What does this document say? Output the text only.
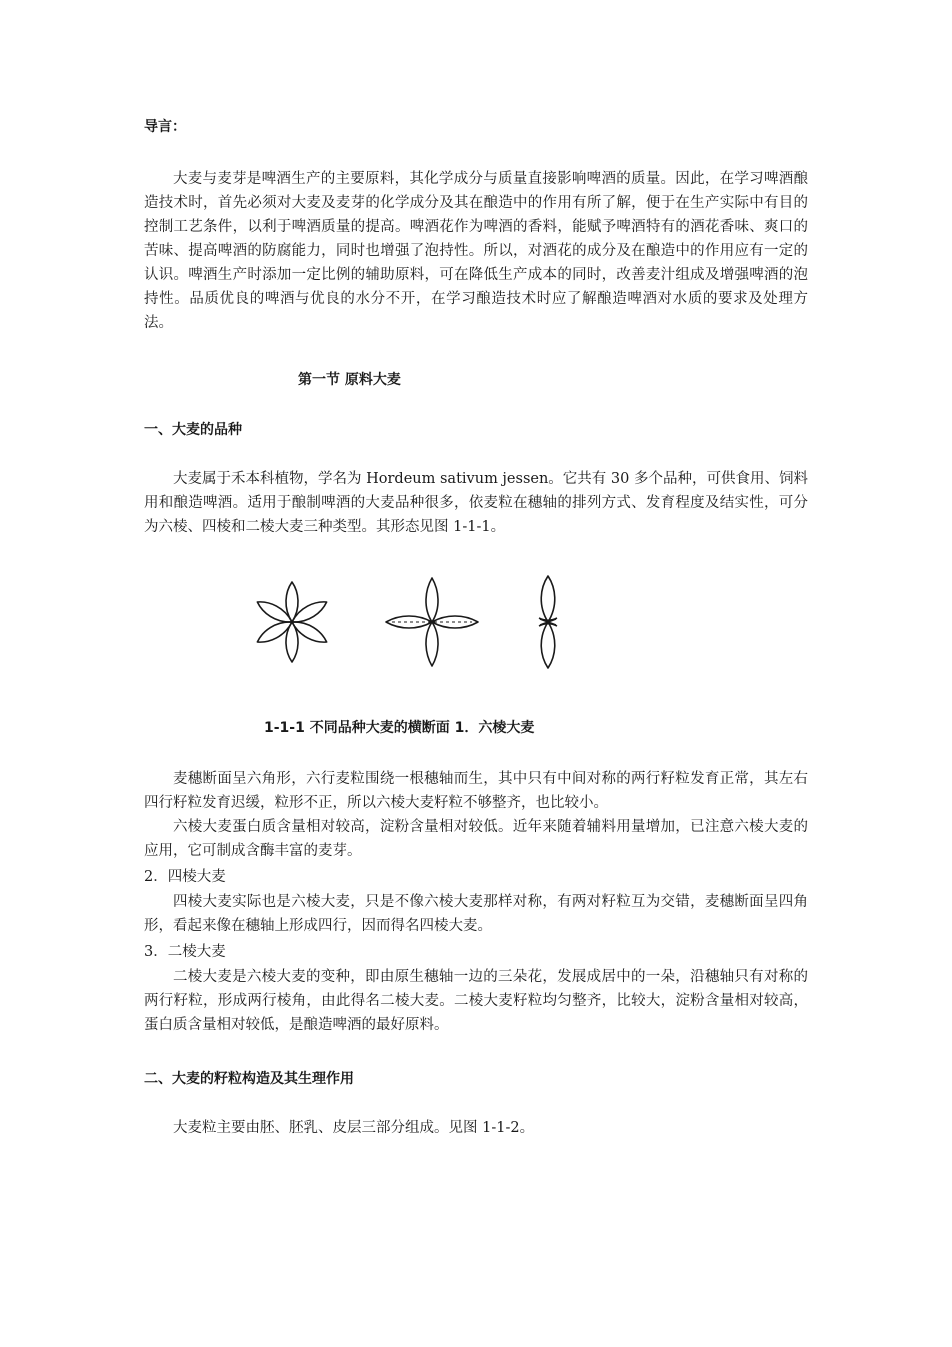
导言：

大麦与麦芽是啤酒生产的主要原料，其化学成分与质量直接影响啤酒的质量。因此，在学习啤酒酿造技术时，首先必须对大麦及麦芽的化学成分及其在酿造中的作用有所了解，便于在生产实际中有目的控制工艺条件，以利于啤酒质量的提高。啤酒花作为啤酒的香料，能赋予啤酒特有的酒花香味、爽口的苦味、提高啤酒的防腐能力，同时也增强了泡持性。所以，对酒花的成分及在酿造中的作用应有一定的认识。啤酒生产时添加一定比例的辅助原料，可在降低生产成本的同时，改善麦汁组成及增强啤酒的泡持性。品质优良的啤酒与优良的水分不开，在学习酿造技术时应了解酿造啤酒对水质的要求及处理方法。

第一节 原料大麦
一、大麦的品种

大麦属于禾本科植物，学名为 Hordeum sativum jessen。它共有 30 多个品种，可供食用、饲料用和酿造啤酒。适用于酿制啤酒的大麦品种很多，依麦粒在穗轴的排列方式、发育程度及结实性，可分为六棱、四棱和二棱大麦三种类型。其形态见图 1-1-1。

1-1-1 不同品种大麦的横断面 1．六棱大麦

麦穗断面呈六角形，六行麦粒围绕一根穗轴而生，其中只有中间对称的两行籽粒发育正常，其左右四行籽粒发育迟缓，粒形不正，所以六棱大麦籽粒不够整齐，也比较小。

六棱大麦蛋白质含量相对较高，淀粉含量相对较低。近年来随着辅料用量增加，已注意六棱大麦的应用，它可制成含酶丰富的麦芽。

2．四棱大麦

四棱大麦实际也是六棱大麦，只是不像六棱大麦那样对称，有两对籽粒互为交错，麦穗断面呈四角形，看起来像在穗轴上形成四行，因而得名四棱大麦。

3．二棱大麦

二棱大麦是六棱大麦的变种，即由原生穗轴一边的三朵花，发展成居中的一朵，沿穗轴只有对称的两行籽粒，形成两行棱角，由此得名二棱大麦。二棱大麦籽粒均匀整齐，比较大，淀粉含量相对较高，蛋白质含量相对较低，是酿造啤酒的最好原料。

二、大麦的籽粒构造及其生理作用

大麦粒主要由胚、胚乳、皮层三部分组成。见图 1-1-2。
